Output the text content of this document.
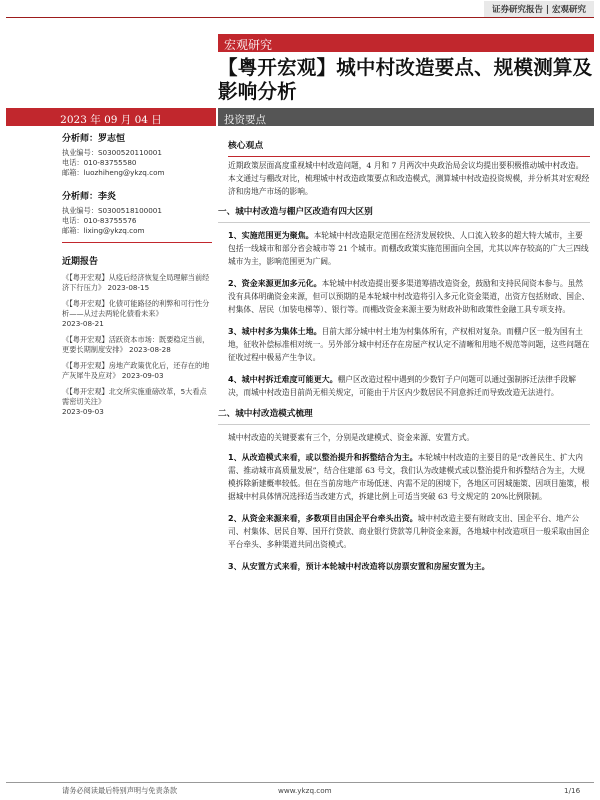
证券研究报告 | 宏观研究
宏观研究
【粤开宏观】城中村改造要点、规模测算及影响分析
2023 年 09 月 04 日	投资要点
分析师：罗志恒
执业编号：S0300520110001
电话：010-83755580
邮箱：luozhiheng@ykzq.com
分析师：李炎
执业编号：S0300518100001
电话：010-83755576
邮箱：lixing@ykzq.com
近期报告
《【粤开宏观】从疫后经济恢复全局理解当前经济下行压力》 2023-08-15
《【粤开宏观】化债可能路径的利弊和可行性分析——从过去两轮化债看未来》
2023-08-21
《【粤开宏观】活跃资本市场：既要稳定当前，更要长期制度安排》 2023-08-28
《【粤开宏观】房地产政策优化后，还存在的地产灰犀牛及应对》 2023-09-03
《【粤开宏观】北交所实施重磅改革，5大看点需密切关注》
2023-09-03
核心观点

近期政策层面高度重视城中村改造问题，4 月和 7 月两次中央政治局会议均提出要积极推动城中村改造。本文通过与棚改对比，梳理城中村改造政策要点和改造模式，测算城中村改造投资规模，并分析其对宏观经济和房地产市场的影响。

一、城中村改造与棚户区改造有四大区别

1、实施范围更为聚焦。本轮城中村改造限定范围在经济发展较快、人口流入较多的超大特大城市，主要包括一线城市和部分省会城市等 21 个城市。而棚改政策实施范围面向全国，尤其以库存较高的广大三四线城市为主，影响范围更为广阔。

2、资金来源更加多元化。本轮城中村改造提出要多渠道筹措改造资金，鼓励和支持民间资本参与。虽然没有具体明确资金来源，但可以预期的是本轮城中村改造将引入多元化资金渠道，出资方包括财政、国企、村集体、居民（加装电梯等）、银行等。而棚改资金来源主要为财政补助和政策性金融工具专项支持。

3、城中村多为集体土地。目前大部分城中村土地为村集体所有，产权相对复杂。而棚户区一般为国有土地，征收补偿标准相对统一。另外部分城中村还存在房屋产权认定不清晰和用地不规范等问题，这些问题在征收过程中极易产生争议。

4、城中村拆迁难度可能更大。棚户区改造过程中遇到的少数钉子户问题可以通过强制拆迁法律手段解决，而城中村改造目前尚无相关规定，可能由于片区内少数居民不同意拆迁而导致改造无法进行。

二、城中村改造模式梳理

城中村改造的关键要素有三个，分别是改建模式、资金来源、安置方式。

1、从改造模式来看，或以整治提升和拆整结合为主。本轮城中村改造的主要目的是“改善民生、扩大内需、推动城市高质量发展”，结合住建部 63 号文，我们认为改建模式或以整治提升和拆整结合为主，大规模拆除新建概率较低。但在当前房地产市场低迷、内需不足的困境下，各地区可因城施策、因项目施策，根据城中村具体情况选择适当改建方式，拆建比例上可适当突破 63 号文规定的 20%比例限制。

2、从资金来源来看，多数项目由国企平台牵头出资。城中村改造主要有财政支出、国企平台、地产公司、村集体、居民自筹、国开行贷款、商业银行贷款等几种资金来源，各地城中村改造项目一般采取由国企平台牵头、多种渠道共同出资模式。

3、从安置方式来看，预计本轮城中村改造将以房票安置和房屋安置为主。

请务必阅读最后特别声明与免责条款	www.ykzq.com	1/16
